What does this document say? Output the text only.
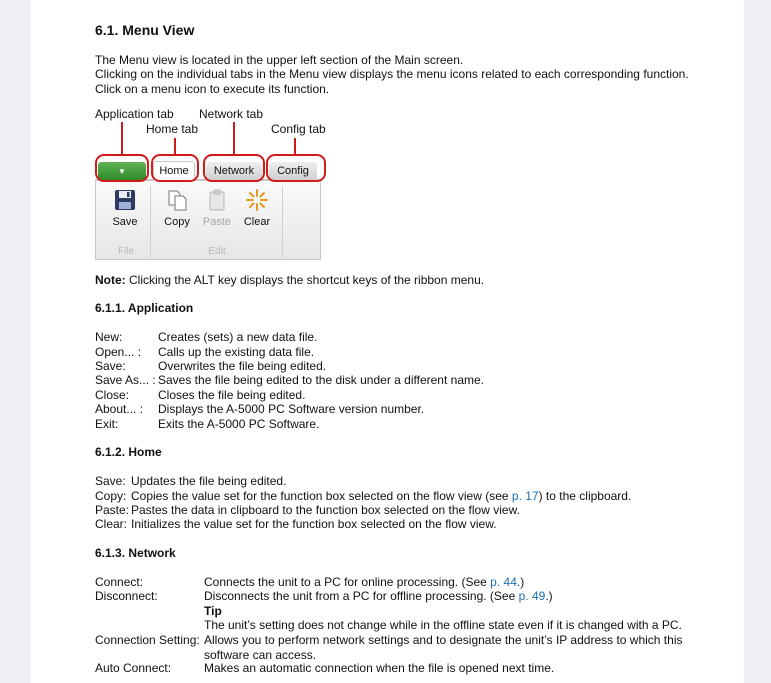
6.1. Menu View
The Menu view is located in the upper left section of the Main screen.
Clicking on the individual tabs in the Menu view displays the menu icons related to each corresponding function.
Click on a menu icon to execute its function.
Application tab
Home tab
Network tab
Config tab
Save	Copy	Paste	Clear
File	Edit
▼	Home	Network	Config
Note: Clicking the ALT key displays the shortcut keys of the ribbon menu.
6.1.1. Application
New:	Creates (sets) a new data file.
Open... : Calls up the existing data file.
Save:	Overwrites the file being edited.
Save As... : Saves the file being edited to the disk under a different name.
Close: Closes the file being edited.
About... : Displays the A-5000 PC Software version number.
Exit:	Exits the A-5000 PC Software.
6.1.2. Home
Save: Updates the file being edited.
Copy: Copies the value set for the function box selected on the flow view (see p. 17) to the clipboard.
Paste: Pastes the data in clipboard to the function box selected on the flow view.
Clear: Initializes the value set for the function box selected on the flow view.
6.1.3. Network
Connect:	Connects the unit to a PC for online processing. (See p. 44.)
Disconnect:	Disconnects the unit from a PC for offline processing. (See p. 49.)
Tip
The unit’s setting does not change while in the offline state even if it is changed with a PC.
Connection Setting: Allows you to perform network settings and to designate the unit’s IP address to which this software can access.
Auto Connect:	Makes an automatic connection when the file is opened next time.
